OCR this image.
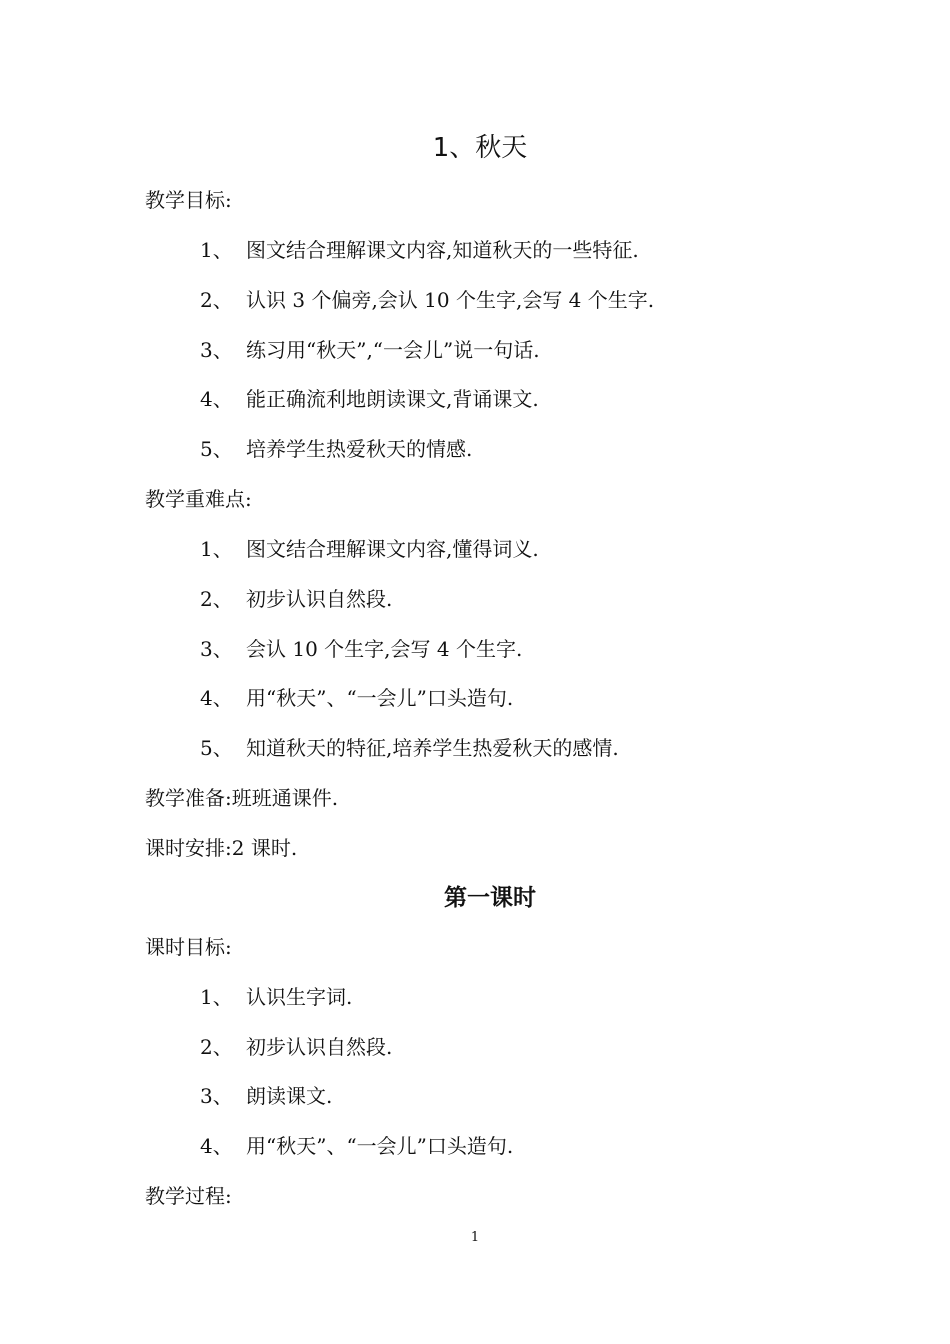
1、秋天
教学目标:
1、 图文结合理解课文内容,知道秋天的一些特征.
2、 认识 3 个偏旁,会认 10 个生字,会写 4 个生字.
3、 练习用“秋天”,“一会儿”说一句话.
4、 能正确流利地朗读课文,背诵课文.
5、 培养学生热爱秋天的情感.
教学重难点:
1、 图文结合理解课文内容,懂得词义.
2、 初步认识自然段.
3、 会认 10 个生字,会写 4 个生字.
4、 用“秋天”、“一会儿”口头造句.
5、 知道秋天的特征,培养学生热爱秋天的感情.
教学准备:班班通课件.
课时安排:2 课时.
第一课时
课时目标:
1、 认识生字词.
2、 初步认识自然段.
3、 朗读课文.
4、 用“秋天”、“一会儿”口头造句.
教学过程:
1
